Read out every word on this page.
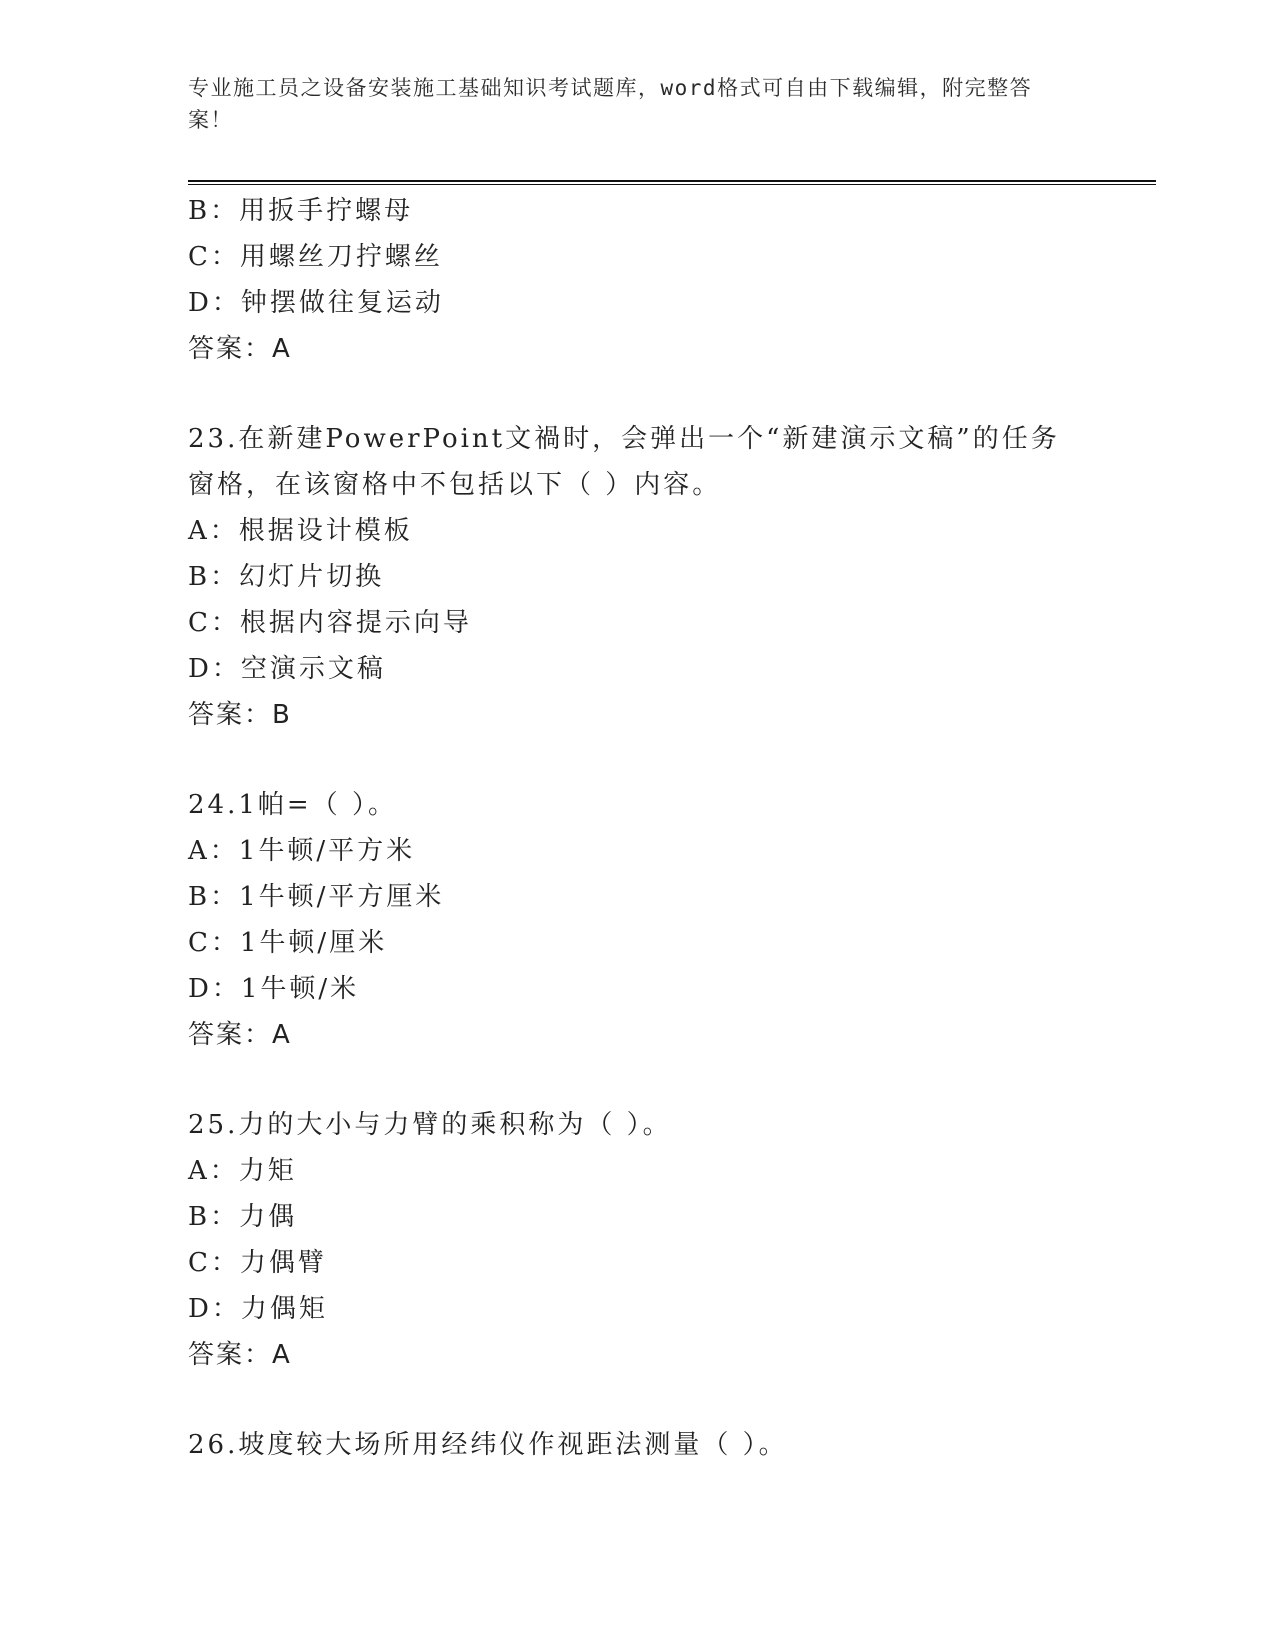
专业施工员之设备安装施工基础知识考试题库，word格式可自由下载编辑，附完整答案！
B：用扳手拧螺母
C：用螺丝刀拧螺丝
D：钟摆做往复运动
答案：A
23.在新建PowerPoint文禍时，会弹出一个“新建演示文稿”的任务
窗格，在该窗格中不包括以下（ ）内容。
A：根据设计模板
B：幻灯片切换
C：根据内容提示向导
D：空演示文稿
答案：B
24.1帕=（ ）。
A：1牛顿/平方米
B：1牛顿/平方厘米
C：1牛顿/厘米
D：1牛顿/米
答案：A
25.力的大小与力臂的乘积称为（ ）。
A：力矩
B：力偶
C：力偶臂
D：力偶矩
答案：A
26.坡度较大场所用经纬仪作视距法测量（ ）。
